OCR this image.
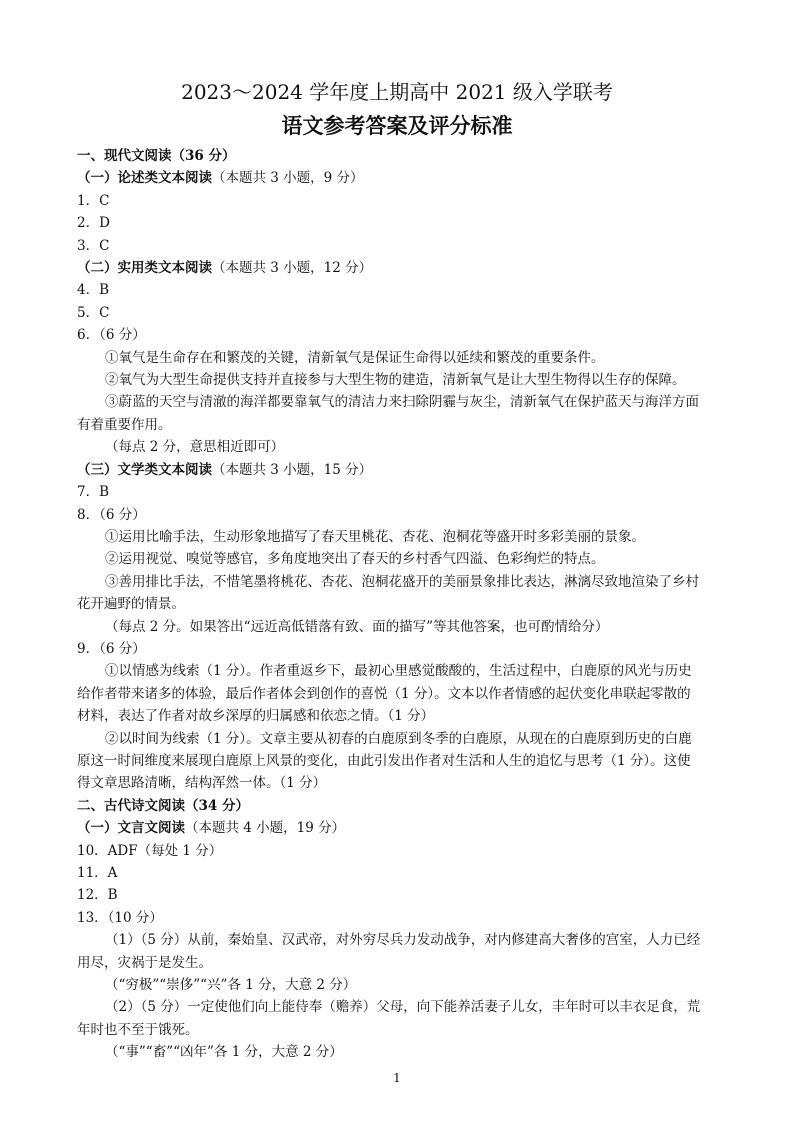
2023～2024 学年度上期高中 2021 级入学联考
语文参考答案及评分标准
一、现代文阅读（36 分）
（一）论述类文本阅读（本题共 3 小题，9 分）
1．C
2．D
3．C
（二）实用类文本阅读（本题共 3 小题，12 分）
4．B
5．C
6．（6 分）
①氧气是生命存在和繁茂的关键，清新氧气是保证生命得以延续和繁茂的重要条件。
②氧气为大型生命提供支持并直接参与大型生物的建造，清新氧气是让大型生物得以生存的保障。
③蔚蓝的天空与清澈的海洋都要靠氧气的清洁力来扫除阴霾与灰尘，清新氧气在保护蓝天与海洋方面
有着重要作用。
（每点 2 分，意思相近即可）
（三）文学类文本阅读（本题共 3 小题，15 分）
7．B
8．（6 分）
①运用比喻手法，生动形象地描写了春天里桃花、杏花、泡桐花等盛开时多彩美丽的景象。
②运用视觉、嗅觉等感官，多角度地突出了春天的乡村香气四溢、色彩绚烂的特点。
③善用排比手法，不惜笔墨将桃花、杏花、泡桐花盛开的美丽景象排比表达，淋漓尽致地渲染了乡村
花开遍野的情景。
（每点 2 分。如果答出“远近高低错落有致、面的描写”等其他答案，也可酌情给分）
9．（6 分）
①以情感为线索（1 分）。作者重返乡下，最初心里感觉酸酸的，生活过程中，白鹿原的风光与历史
给作者带来诸多的体验，最后作者体会到创作的喜悦（1 分）。文本以作者情感的起伏变化串联起零散的
材料，表达了作者对故乡深厚的归属感和依恋之情。（1 分）
②以时间为线索（1 分）。文章主要从初春的白鹿原到冬季的白鹿原，从现在的白鹿原到历史的白鹿
原这一时间维度来展现白鹿原上风景的变化，由此引发出作者对生活和人生的追忆与思考（1 分）。这使
得文章思路清晰，结构浑然一体。（1 分）
二、古代诗文阅读（34 分）
（一）文言文阅读（本题共 4 小题，19 分）
10．ADF（每处 1 分）
11．A
12．B
13．（10 分）
（1）（5 分）从前，秦始皇、汉武帝，对外穷尽兵力发动战争，对内修建高大奢侈的宫室，人力已经
用尽，灾祸于是发生。
（“穷极”“崇侈”“兴”各 1 分，大意 2 分）
（2）（5 分）一定使他们向上能侍奉（赡养）父母，向下能养活妻子儿女，丰年时可以丰衣足食，荒
年时也不至于饿死。
（“事”“畜”“凶年”各 1 分，大意 2 分）
1
